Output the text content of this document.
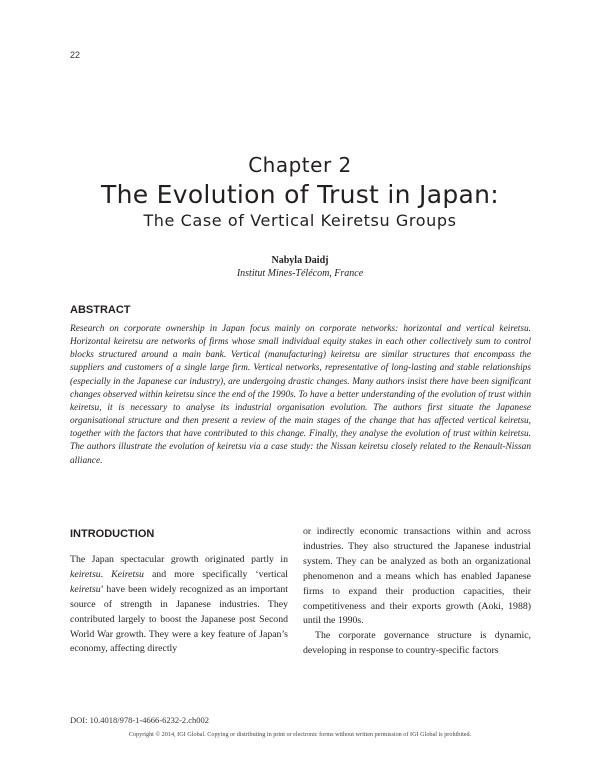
22
Chapter 2
The Evolution of Trust in Japan:
The Case of Vertical Keiretsu Groups
Nabyla Daidj
Institut Mines-Télécom, France
ABSTRACT
Research on corporate ownership in Japan focus mainly on corporate networks: horizontal and vertical keiretsu. Horizontal keiretsu are networks of firms whose small individual equity stakes in each other collectively sum to control blocks structured around a main bank. Vertical (manufacturing) keiretsu are similar structures that encompass the suppliers and customers of a single large firm. Vertical networks, representative of long-lasting and stable relationships (especially in the Japanese car industry), are undergoing drastic changes. Many authors insist there have been significant changes observed within keiretsu since the end of the 1990s. To have a better understanding of the evolution of trust within keiretsu, it is necessary to analyse its industrial organisation evolution. The authors first situate the Japanese organisational structure and then present a review of the main stages of the change that has affected vertical keiretsu, together with the factors that have contributed to this change. Finally, they analyse the evolution of trust within keiretsu. The authors illustrate the evolution of keiretsu via a case study: the Nissan keiretsu closely related to the Renault-Nissan alliance.
INTRODUCTION

The Japan spectacular growth originated partly in keiretsu. Keiretsu and more specifically ‘vertical keiretsu’ have been widely recognized as an important source of strength in Japanese industries. They contributed largely to boost the Japanese post Second World War growth. They were a key feature of Japan’s economy, affecting directly

or indirectly economic transactions within and across industries. They also structured the Japanese industrial system. They can be analyzed as both an organizational phenomenon and a means which has enabled Japanese firms to expand their production capacities, their competitiveness and their exports growth (Aoki, 1988) until the 1990s.

The corporate governance structure is dynamic, developing in response to country-specific factors

DOI: 10.4018/978-1-4666-6232-2.ch002
Copyright © 2014, IGI Global. Copying or distributing in print or electronic forms without written permission of IGI Global is prohibited.
